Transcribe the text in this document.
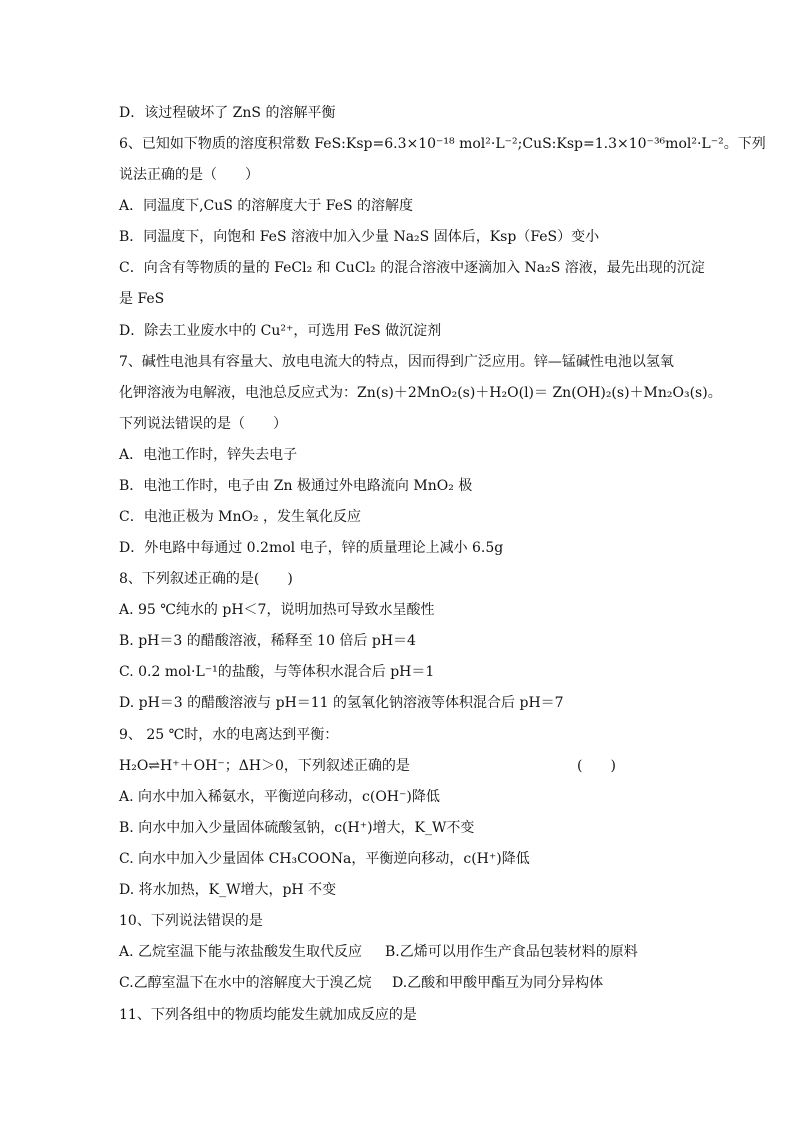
D．该过程破坏了 ZnS 的溶解平衡
6、已知如下物质的溶度积常数 FeS:Ksp=6.3×10⁻¹⁸ mol²·L⁻²;CuS:Ksp=1.3×10⁻³⁶mol²·L⁻²。下列
说法正确的是（　　）
A．同温度下,CuS 的溶解度大于 FeS 的溶解度
B．同温度下，向饱和 FeS 溶液中加入少量 Na₂S 固体后，Ksp（FeS）变小
C．向含有等物质的量的 FeCl₂ 和 CuCl₂ 的混合溶液中逐滴加入 Na₂S 溶液，最先出现的沉淀
是 FeS
D．除去工业废水中的 Cu²⁺，可选用 FeS 做沉淀剂
7、碱性电池具有容量大、放电电流大的特点，因而得到广泛应用。锌—锰碱性电池以氢氧
化钾溶液为电解液，电池总反应式为：Zn(s)＋2MnO₂(s)＋H₂O(l)＝ Zn(OH)₂(s)＋Mn₂O₃(s)。
下列说法错误的是（　　）
A．电池工作时，锌失去电子
B．电池工作时，电子由 Zn 极通过外电路流向 MnO₂ 极
C．电池正极为 MnO₂ ，发生氧化反应
D．外电路中每通过 0.2mol 电子，锌的质量理论上减小 6.5g
8、下列叙述正确的是(　　)
A. 95 ℃纯水的 pH＜7，说明加热可导致水呈酸性
B. pH＝3 的醋酸溶液，稀释至 10 倍后 pH＝4
C. 0.2 mol·L⁻¹的盐酸，与等体积水混合后 pH＝1
D. pH＝3 的醋酸溶液与 pH＝11 的氢氧化钠溶液等体积混合后 pH＝7
9、 25 ℃时，水的电离达到平衡：
H₂O⇌H⁺＋OH⁻；ΔH＞0，下列叙述正确的是	(　　)
A. 向水中加入稀氨水，平衡逆向移动，c(OH⁻)降低
B. 向水中加入少量固体硫酸氢钠，c(H⁺)增大，K_W不变
C. 向水中加入少量固体 CH₃COONa，平衡逆向移动，c(H⁺)降低
D. 将水加热，K_W增大，pH 不变
10、下列说法错误的是
A. 乙烷室温下能与浓盐酸发生取代反应 B.乙烯可以用作生产食品包装材料的原料
C.乙醇室温下在水中的溶解度大于溴乙烷 D.乙酸和甲酸甲酯互为同分异构体
11、下列各组中的物质均能发生就加成反应的是
